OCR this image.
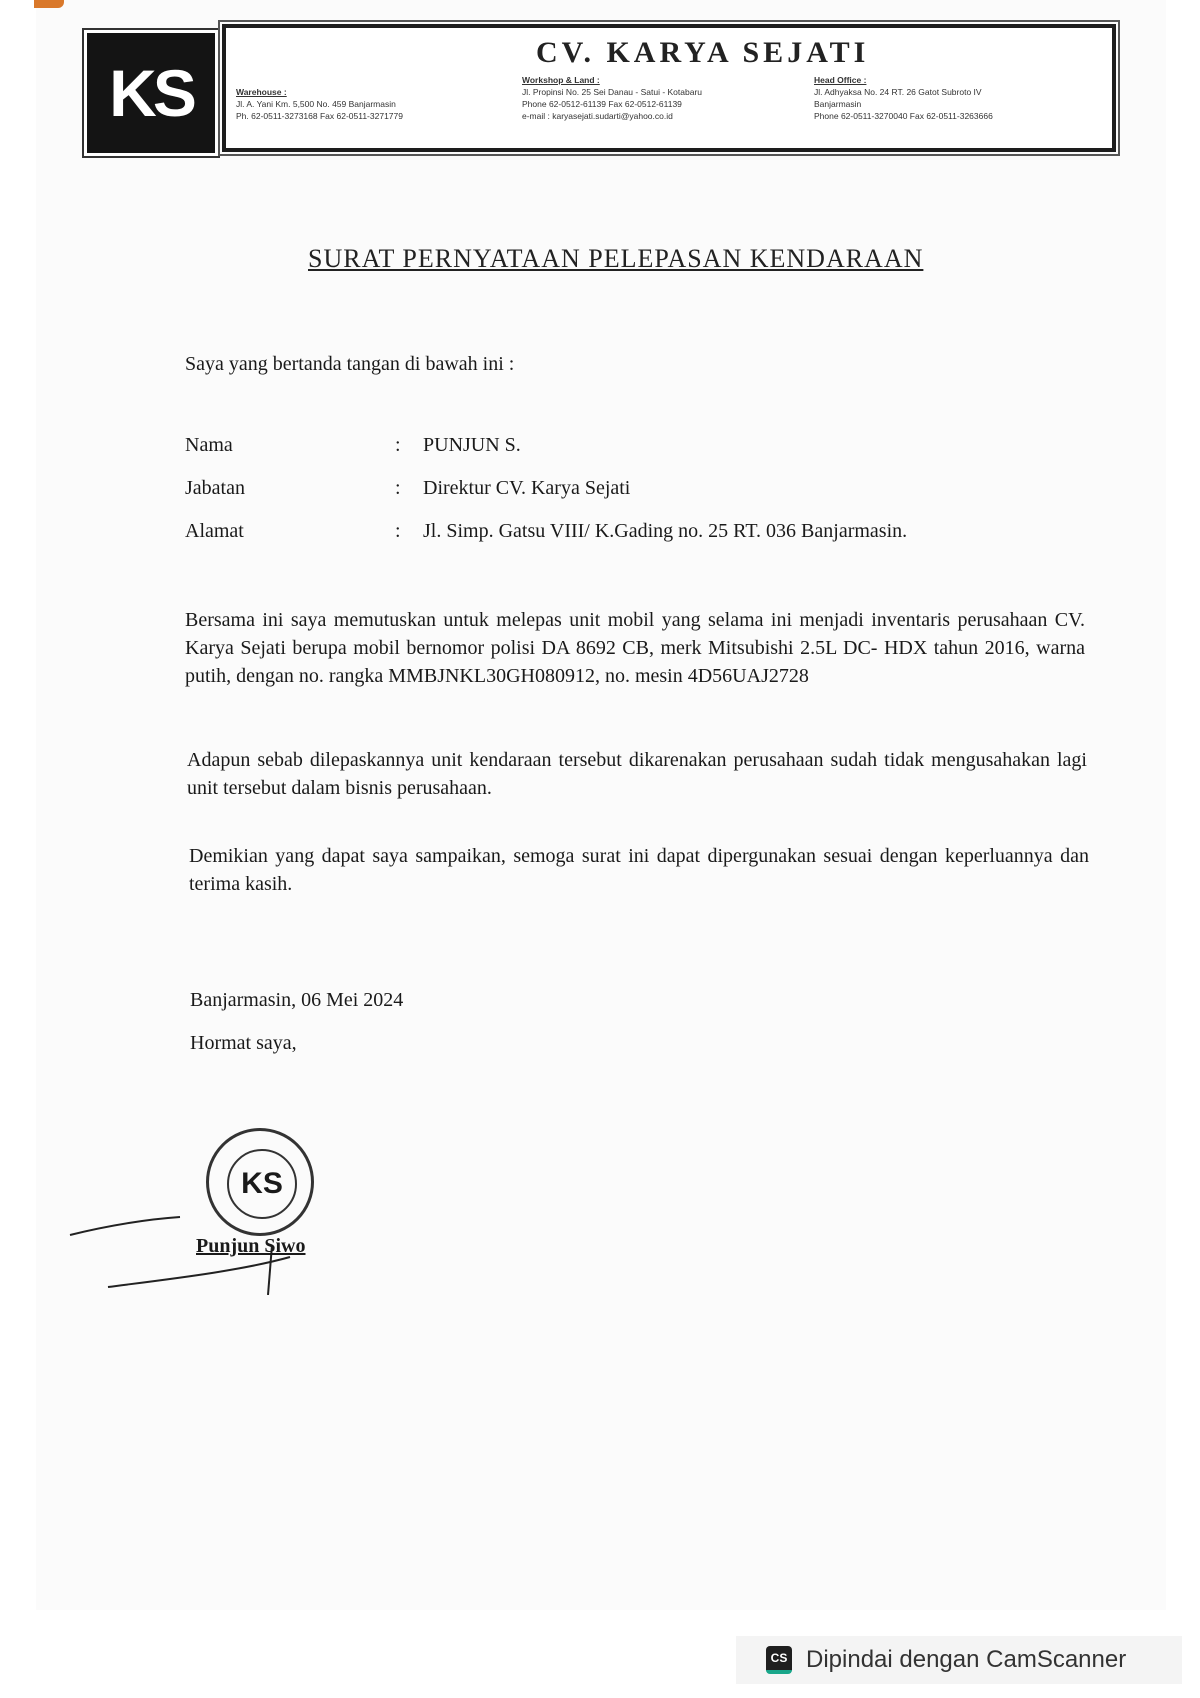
KS
CV. KARYA SEJATI
Warehouse :
Jl. A. Yani Km. 5,500 No. 459 Banjarmasin
Ph. 62-0511-3273168 Fax 62-0511-3271779
Workshop & Land :
Jl. Propinsi No. 25 Sei Danau - Satui - Kotabaru
Phone 62-0512-61139 Fax 62-0512-61139
e-mail : karyasejati.sudarti@yahoo.co.id
Head Office :
Jl. Adhyaksa No. 24 RT. 26 Gatot Subroto IV
Banjarmasin
Phone 62-0511-3270040 Fax 62-0511-3263666
SURAT PERNYATAAN PELEPASAN KENDARAAN
Saya yang bertanda tangan di bawah ini :
Nama	: PUNJUN S.
Jabatan	: Direktur CV. Karya Sejati
Alamat	: Jl. Simp. Gatsu VIII/ K.Gading no. 25 RT. 036 Banjarmasin.
Bersama ini saya memutuskan untuk melepas unit mobil yang selama ini menjadi inventaris perusahaan CV. Karya Sejati berupa mobil bernomor polisi DA 8692 CB, merk Mitsubishi 2.5L DC- HDX tahun 2016, warna putih, dengan no. rangka MMBJNKL30GH080912, no. mesin 4D56UAJ2728
Adapun sebab dilepaskannya unit kendaraan tersebut dikarenakan perusahaan sudah tidak mengusahakan lagi unit tersebut dalam bisnis perusahaan.
Demikian yang dapat saya sampaikan, semoga surat ini dapat dipergunakan sesuai dengan keperluannya dan terima kasih.
Banjarmasin, 06 Mei 2024
Hormat saya,
KS
Punjun Siwo
CS Dipindai dengan CamScanner
